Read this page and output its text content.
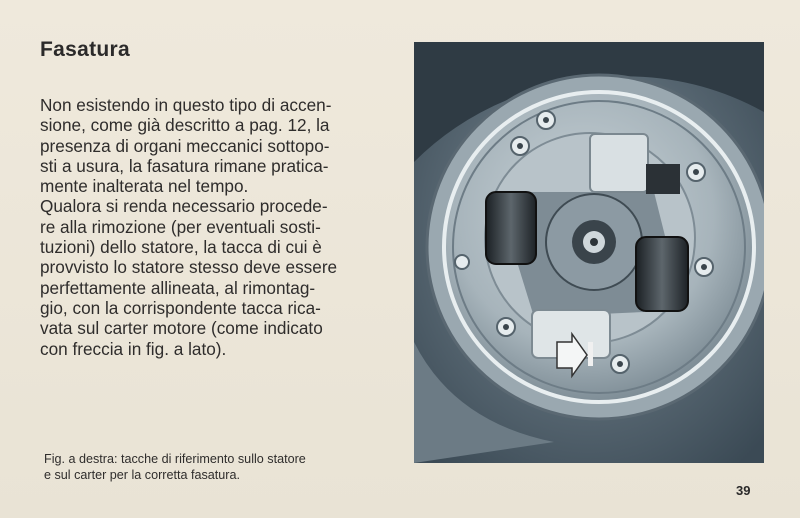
Fasatura

Non esistendo in questo tipo di accen-
sione, come già descritto a pag. 12, la
presenza di organi meccanici sottopo-
sti a usura, la fasatura rimane pratica-
mente inalterata nel tempo.
Qualora si renda necessario procede-
re alla rimozione (per eventuali sosti-
tuzioni) dello statore, la tacca di cui è
provvisto lo statore stesso deve essere
perfettamente allineata, al rimontag-
gio, con la corrispondente tacca rica-
vata sul carter motore (come indicato
con freccia in fig. a lato).

Fig. a destra: tacche di riferimento sullo statore
e sul carter per la corretta fasatura.

39
